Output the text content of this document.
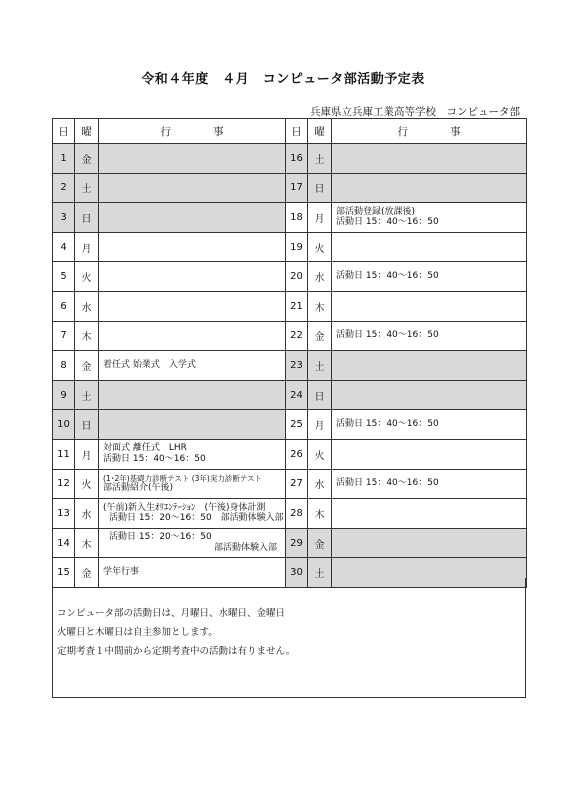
令和４年度　４月　コンピュータ部活動予定表
兵庫県立兵庫工業高等学校　コンピュータ部
日	曜	行　　　　事	日	曜	行　　　　事
1	金		16	土	
2	土		17	日	
3	日		18	月	部活動登録(放課後)
活動日 15：40～16：50

4	月		19	火	
5	火		20	水	活動日 15：40～16：50

6	水		21	木	
7	木		22	金	活動日 15：40～16：50

8	金	着任式 始業式　入学式	23	土	
9	土		24	日	
10	日		25	月	活動日 15：40～16：50

11	月	対面式 離任式　LHR
活動日 15：40～16：50	26	火	
12	火	(1･2年)基礎力診断テスト (3年)実力診断テスト
部活動紹介(午後)	27	水	活動日 15：40～16：50

13	水	(午前)新入生ｵﾘｴﾝﾃｰｼｮﾝ　(午後)身体計測
活動日 15：20～16：50　部活動体験入部	28	木	
14	木	活動日 15：20～16：50
部活動体験入部	29	金	
15	金	学年行事	30	土	
コンピュータ部の活動日は、月曜日、水曜日、金曜日
火曜日と木曜日は自主参加とします。
定期考査１中間前から定期考査中の活動は有りません。
